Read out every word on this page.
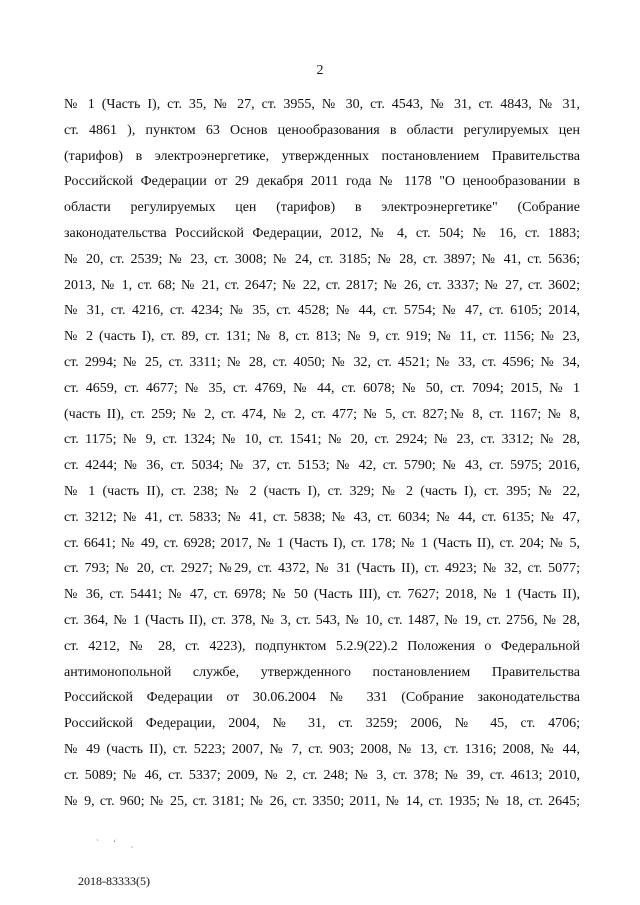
2
№ 1 (Часть I), ст. 35, № 27, ст. 3955, № 30, ст. 4543, № 31, ст. 4843, № 31,
ст. 4861 ), пунктом 63 Основ ценообразования в области регулируемых цен
(тарифов) в электроэнергетике, утвержденных постановлением Правительства
Российской Федерации от 29 декабря 2011 года № 1178 "О ценообразовании в
области регулируемых цен (тарифов) в электроэнергетике" (Собрание
законодательства Российской Федерации, 2012, № 4, ст. 504; № 16, ст. 1883;
№ 20, ст. 2539; № 23, ст. 3008; № 24, ст. 3185; № 28, ст. 3897; № 41, ст. 5636;
2013, № 1, ст. 68; № 21, ст. 2647; № 22, ст. 2817; № 26, ст. 3337; № 27, ст. 3602;
№ 31, ст. 4216, ст. 4234; № 35, ст. 4528; № 44, ст. 5754; № 47, ст. 6105; 2014,
№ 2 (часть I), ст. 89, ст. 131; № 8, ст. 813; № 9, ст. 919; № 11, ст. 1156; № 23,
ст. 2994; № 25, ст. 3311; № 28, ст. 4050; № 32, ст. 4521; № 33, ст. 4596; № 34,
ст. 4659, ст. 4677; № 35, ст. 4769, № 44, ст. 6078; № 50, ст. 7094; 2015, № 1
(часть II), ст. 259; № 2, ст. 474, № 2, ст. 477; № 5, ст. 827;№ 8, ст. 1167; № 8,
ст. 1175; № 9, ст. 1324; № 10, ст. 1541; № 20, ст. 2924; № 23, ст. 3312; № 28,
ст. 4244; № 36, ст. 5034; № 37, ст. 5153; № 42, ст. 5790; № 43, ст. 5975; 2016,
№ 1 (часть II), ст. 238; № 2 (часть I), ст. 329; № 2 (часть I), ст. 395; № 22,
ст. 3212; № 41, ст. 5833; № 41, ст. 5838; № 43, ст. 6034; № 44, ст. 6135; № 47,
ст. 6641; № 49, ст. 6928; 2017, № 1 (Часть I), ст. 178; № 1 (Часть II), ст. 204; № 5,
ст. 793; № 20, ст. 2927; №29, ст. 4372, № 31 (Часть II), ст. 4923; № 32, ст. 5077;
№ 36, ст. 5441; № 47, ст. 6978; № 50 (Часть III), ст. 7627; 2018, № 1 (Часть II),
ст. 364, № 1 (Часть II), ст. 378, № 3, ст. 543, № 10, ст. 1487, № 19, ст. 2756, № 28,
ст. 4212, № 28, ст. 4223), подпунктом 5.2.9(22).2 Положения о Федеральной
антимонопольной службе, утвержденного постановлением Правительства
Российской Федерации от 30.06.2004 № 331 (Собрание законодательства
Российской Федерации, 2004, № 31, ст. 3259; 2006, № 45, ст. 4706;
№ 49 (часть II), ст. 5223; 2007, № 7, ст. 903; 2008, № 13, ст. 1316; 2008, № 44,
ст. 5089; № 46, ст. 5337; 2009, № 2, ст. 248; № 3, ст. 378; № 39, ст. 4613; 2010,
№ 9, ст. 960; № 25, ст. 3181; № 26, ст. 3350; 2011, № 14, ст. 1935; № 18, ст. 2645;
` ‘ ˏ
2018-83333(5)
